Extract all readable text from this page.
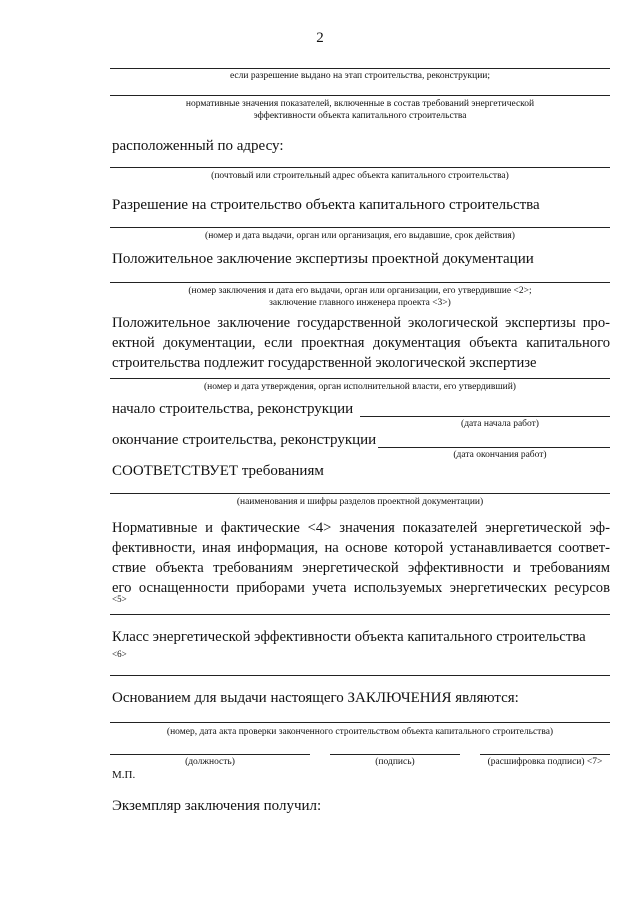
2
если разрешение выдано на этап строительства, реконструкции;
нормативные значения показателей, включенные в состав требований энергетической
эффективности объекта капитального строительства
расположенный по адресу:
(почтовый или строительный адрес объекта капитального строительства)
Разрешение на строительство объекта капитального строительства
(номер и дата выдачи, орган или организация, его выдавшие, срок действия)
Положительное заключение экспертизы проектной документации
(номер заключения и дата его выдачи, орган или организации, его утвердившие <2>;
заключение главного инженера проекта <3>)
Положительное заключение государственной экологической экспертизы про-
ектной документации, если проектная документация объекта капитального
строительства подлежит государственной экологической экспертизе
(номер и дата утверждения, орган исполнительной власти, его утвердивший)
начало строительства, реконструкции
(дата начала работ)
окончание строительства, реконструкции
(дата окончания работ)
СООТВЕТСТВУЕТ требованиям
(наименования и шифры разделов проектной документации)
Нормативные и фактические <4> значения показателей энергетической эф-
фективности, иная информация, на основе которой устанавливается соответ-
ствие объекта требованиям энергетической эффективности и требованиям
его оснащенности приборами учета используемых энергетических ресурсов
<5>
Класс энергетической эффективности объекта капитального строительства
<6>
Основанием для выдачи настоящего ЗАКЛЮЧЕНИЯ являются:
(номер, дата акта проверки законченного строительством объекта капитального строительства)
(должность)	(подпись)	(расшифровка подписи) <7>
М.П.
Экземпляр заключения получил:
